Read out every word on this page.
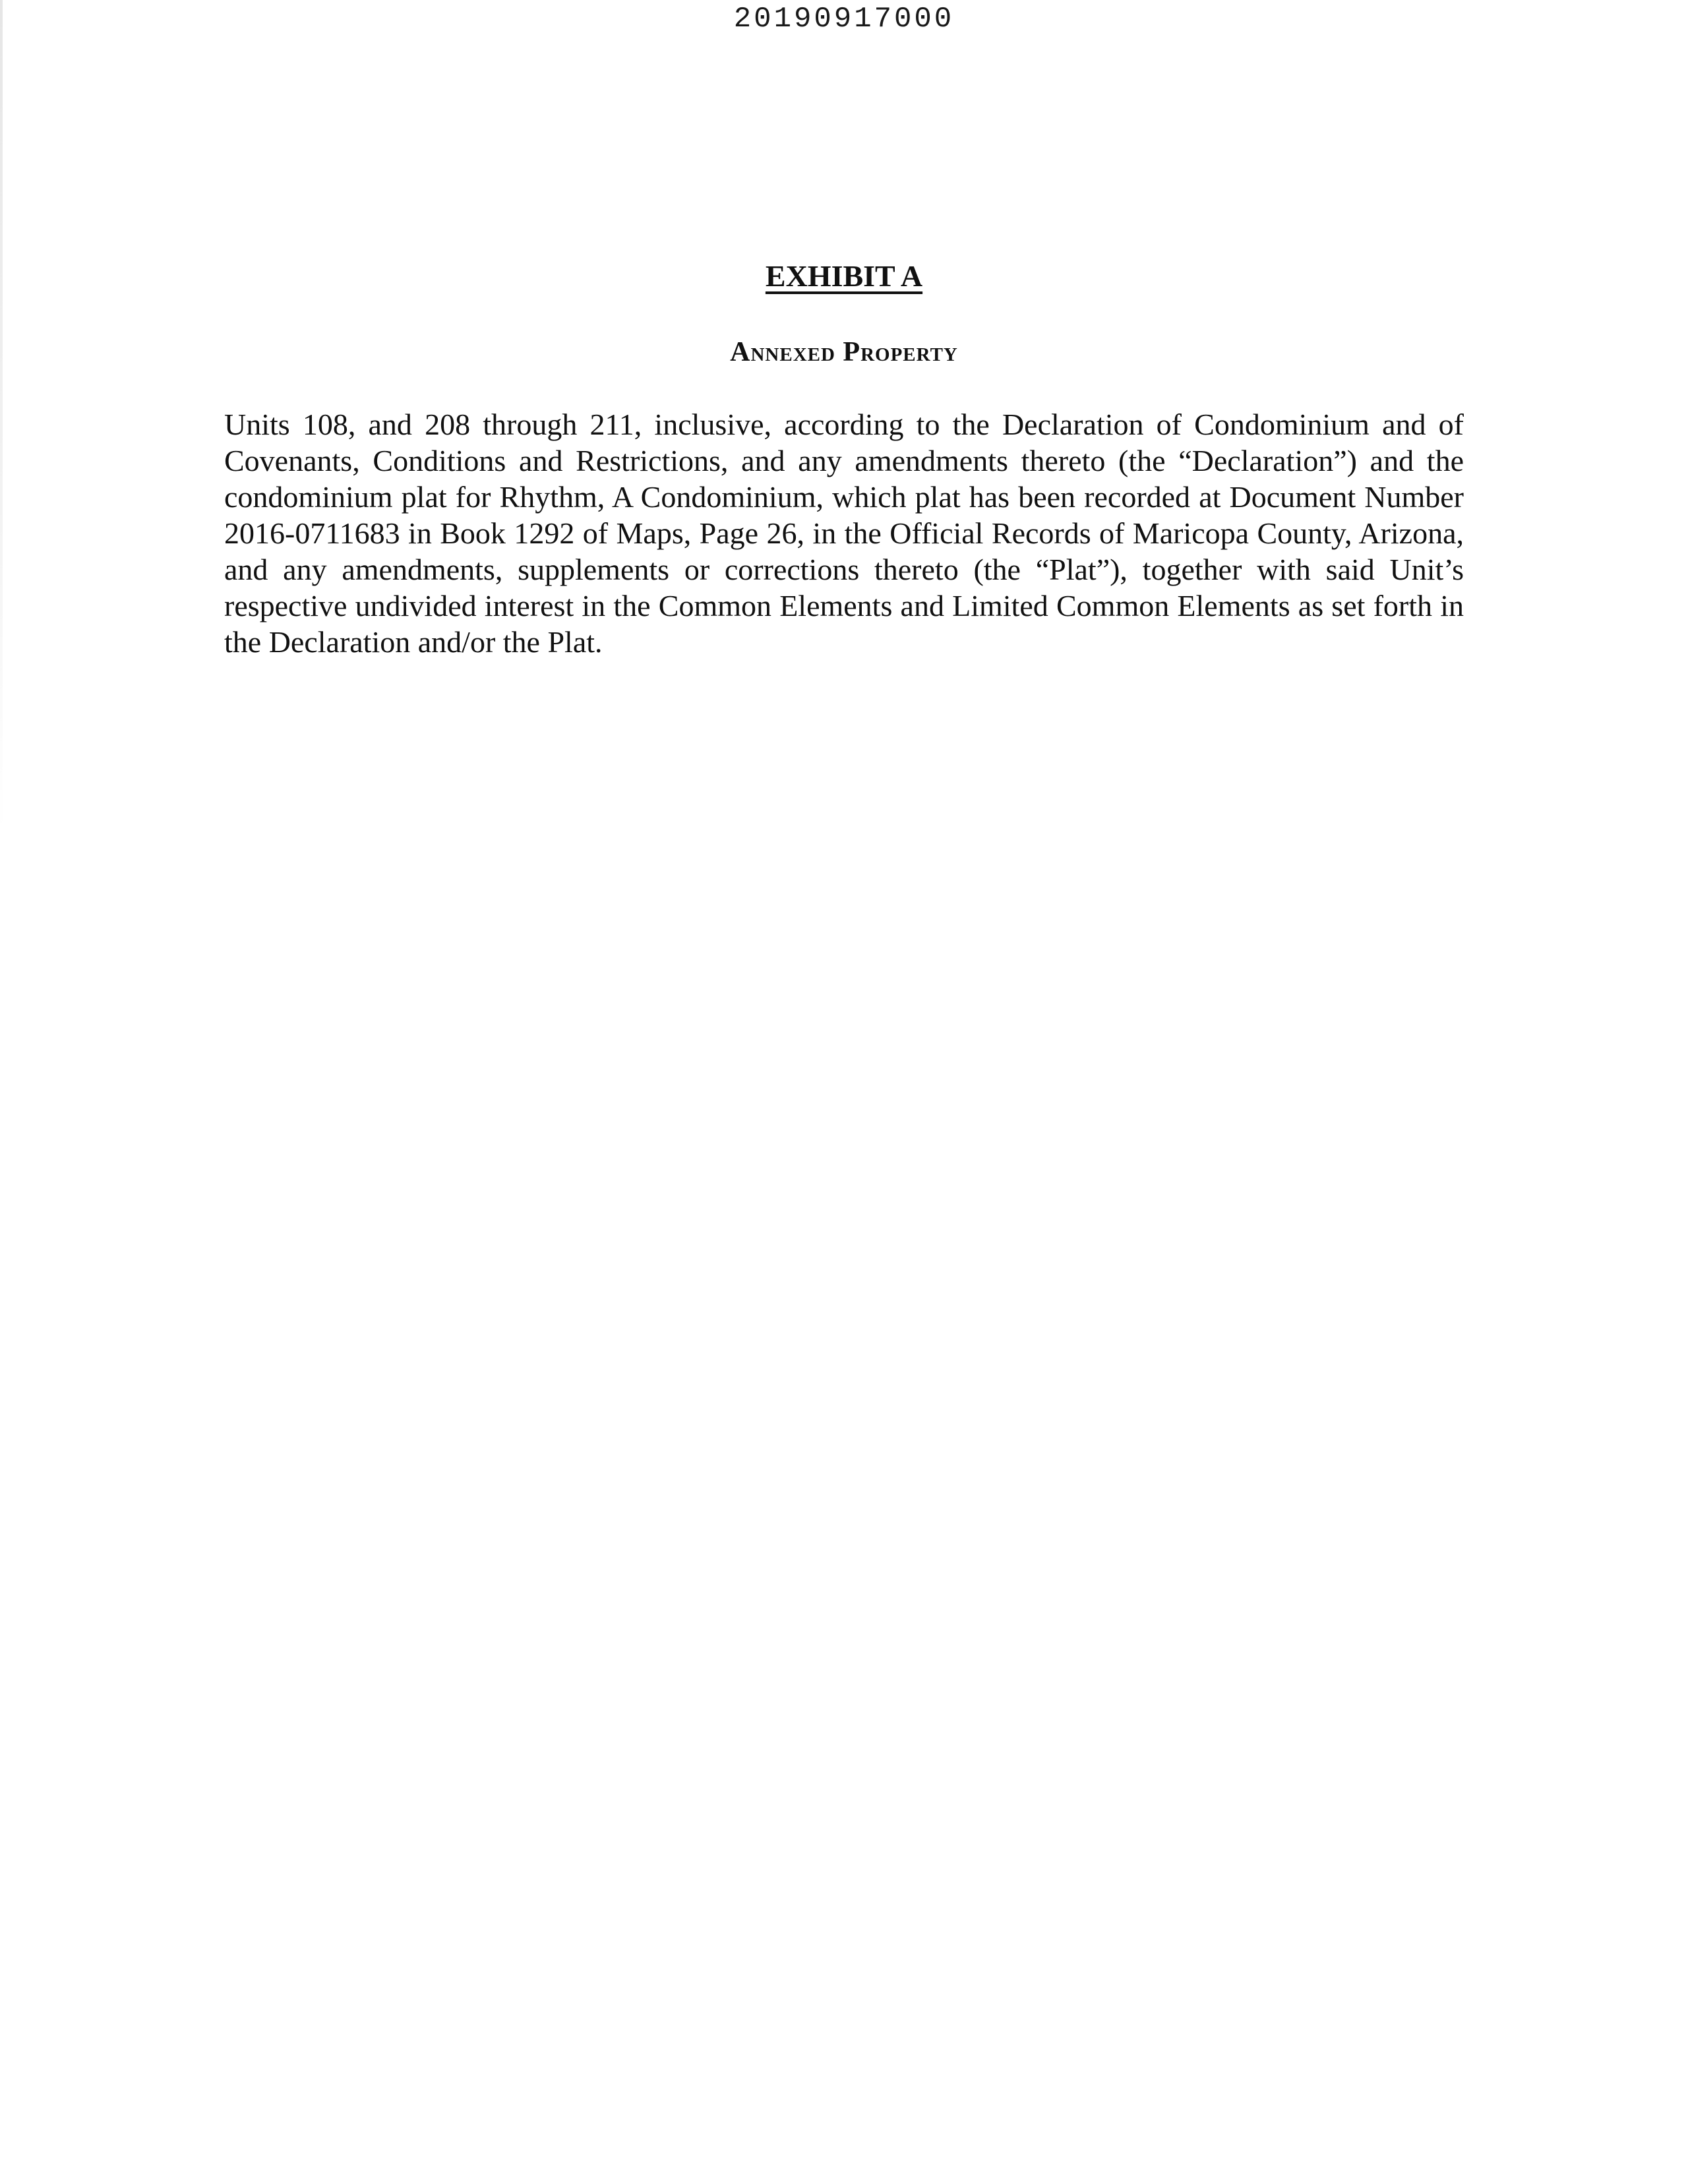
20190917000
EXHIBIT A
Annexed Property

Units 108, and 208 through 211, inclusive, according to the Declaration of Condominium and of Covenants, Conditions and Restrictions, and any amendments thereto (the “Declaration”) and the condominium plat for Rhythm, A Condominium, which plat has been recorded at Document Number 2016-0711683 in Book 1292 of Maps, Page 26, in the Official Records of Maricopa County, Arizona, and any amendments, supplements or corrections thereto (the “Plat”), together with said Unit’s respective undivided interest in the Common Elements and Limited Common Elements as set forth in the Declaration and/or the Plat.
